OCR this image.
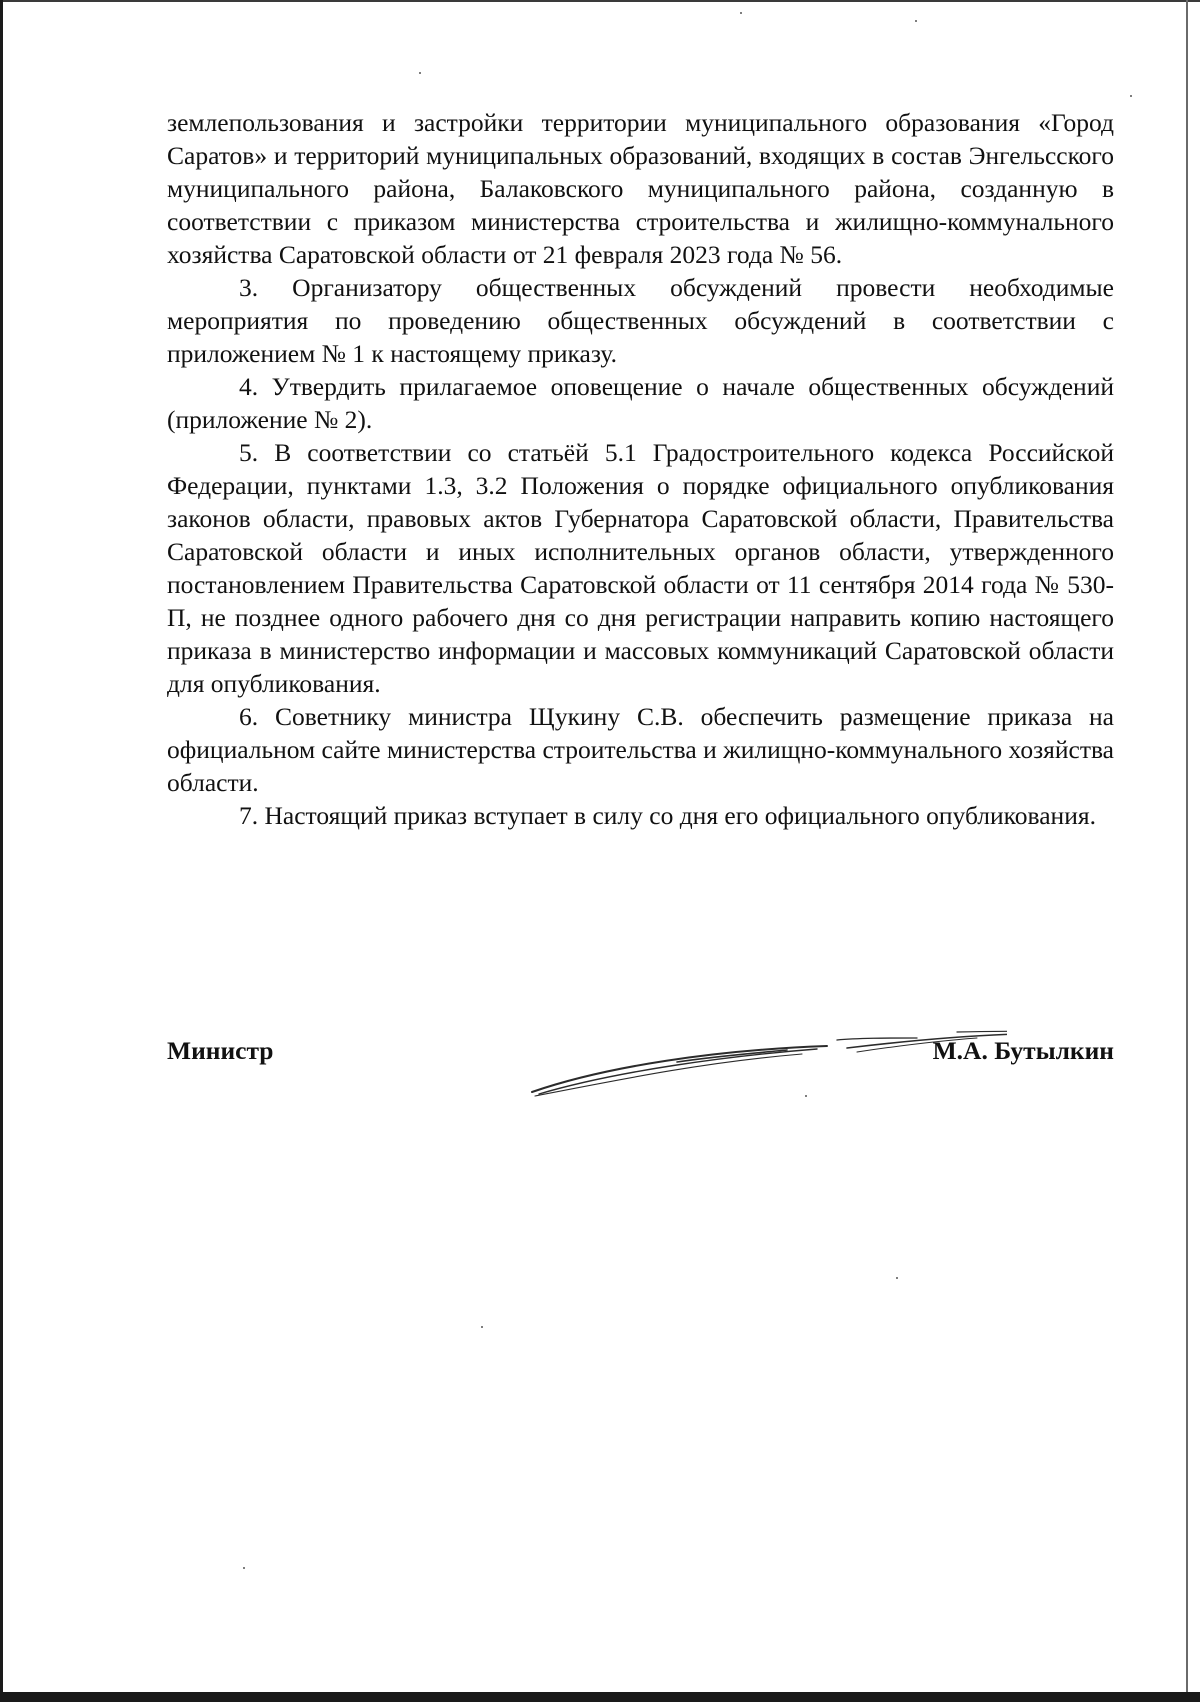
землепользования и застройки территории муниципального образования «Город Саратов» и территорий муниципальных образований, входящих в состав Энгельсского муниципального района, Балаковского муниципального района, созданную в соответствии с приказом министерства строительства и жилищно-коммунального хозяйства Саратовской области от 21 февраля 2023 года № 56.

3. Организатору общественных обсуждений провести необходимые мероприятия по проведению общественных обсуждений в соответствии с приложением № 1 к настоящему приказу.

4. Утвердить прилагаемое оповещение о начале общественных обсуждений (приложение № 2).

5. В соответствии со статьёй 5.1 Градостроительного кодекса Российской Федерации, пунктами 1.3, 3.2 Положения о порядке официального опубликования законов области, правовых актов Губернатора Саратовской области, Правительства Саратовской области и иных исполнительных органов области, утвержденного постановлением Правительства Саратовской области от 11 сентября 2014 года № 530-П, не позднее одного рабочего дня со дня регистрации направить копию настоящего приказа в министерство информации и массовых коммуникаций Саратовской области для опубликования.

6. Советнику министра Щукину С.В. обеспечить размещение приказа на официальном сайте министерства строительства и жилищно-коммунального хозяйства области.

7. Настоящий приказ вступает в силу со дня его официального опубликования.

Министр	М.А. Бутылкин
